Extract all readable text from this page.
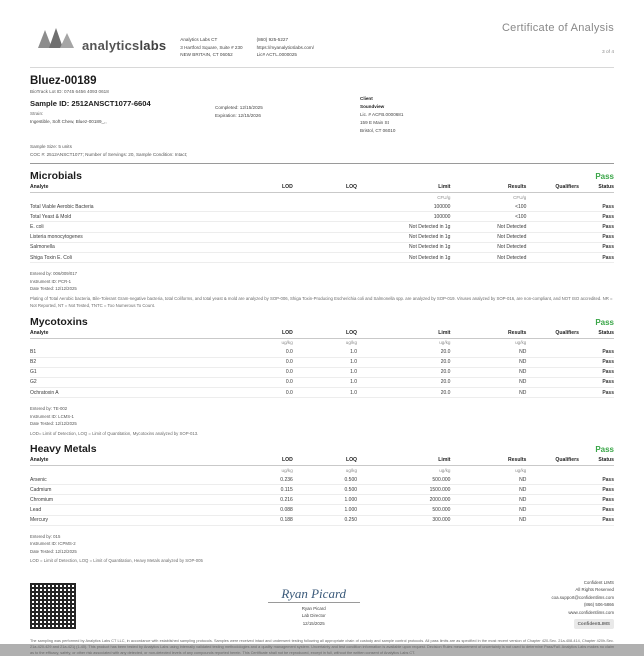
analyticslabs	Analytics Labs CT
3 Hartford Square, Suite # 230
NEW BRITAIN, CT 06052
(860) 925-5227
https://myanalyticslabs.com/
Lic# ACTL.0000025
Certificate of Analysis
3 of 4
Bluez-00189
BioTrack Lot ID: 0745 6456 4093 0618
Sample ID: 2512ANSCT1077-6604
Strain:
Ingestible, Soft Chew, Bluez-00189_,,
Completed: 12/15/2025
Expiration: 12/15/2026
Client
Soundview
Lic. # ACFB.0000681
159 E Main St
Bristol, CT 06010
Sample Size: 5 units
COC #: 2512ANSCT1077; Number of Servings: 20, Sample Condition: Intact;
Microbials	Pass
Analyte	LOD	LOQ	Limit	Results	Qualifiers	Status
			CFU/g	CFU/g		
Total Viable Aerobic Bacteria			100000	<100		Pass
Total Yeast & Mold			100000	<100		Pass
E. coli			Not Detected in 1g	Not Detected		Pass
Listeria monocytogenes			Not Detected in 1g	Not Detected		Pass
Salmonella			Not Detected in 1g	Not Detected		Pass
Shiga Toxin E. Coli			Not Detected in 1g	Not Detected		Pass
Entered by: 006/009/017
Instrument ID: PCR-1
Date Tested: 12/12/2025
Plating of Total Aerobic bacteria, Bile-Tolerant Gram-negative bacteria, total Coliforms, and total yeast & mold are analyzed by SOP-006, Shiga Toxin-Producing Escherichia coli and Salmonella spp. are analyzed by SOP-019. Viruses analyzed by SOP-016, are non-compliant, and NOT ISO accredited. NR = Not Reported, NT = Not Tested, TNTC = Too Numerous To Count.
Mycotoxins	Pass
Analyte	LOD	LOQ	Limit	Results	Qualifiers	Status
	ug/kg	ug/kg	ug/kg	ug/kg		
B1	0.0	1.0	20.0	ND		Pass
B2	0.0	1.0	20.0	ND		Pass
G1	0.0	1.0	20.0	ND		Pass
G2	0.0	1.0	20.0	ND		Pass
Ochratoxin A	0.0	1.0	20.0	ND		Pass
Entered by: TE-002
Instrument ID: LCMS-1
Date Tested: 12/12/2025
LOD= Limit of Detection, LOQ = Limit of Quantitation, Mycotoxins analyzed by SOP-013.
Heavy Metals	Pass
Analyte	LOD	LOQ	Limit	Results	Qualifiers	Status
	ug/kg	ug/kg	ug/kg	ug/kg		
Arsenic	0.236	0.500	500.000	ND		Pass
Cadmium	0.115	0.500	1500.000	ND		Pass
Chromium	0.216	1.000	2000.000	ND		Pass
Lead	0.088	1.000	500.000	ND		Pass
Mercury	0.188	0.250	300.000	ND		Pass
Entered by: 015
Instrument ID: ICPMS-2
Date Tested: 12/12/2025
LOD = Limit of Detection, LOQ = Limit of Quantitation, Heavy Metals analyzed by SOP-005
Ryan Picard
Ryan Picard
Lab Director
12/15/2025
Confident LIMS
All Rights Reserved
coa.support@confidentlims.com
(866) 506-5866
www.confidentlims.com
ConfidentLIMS
The sampling was performed by Analytics Labs CT LLC, in accordance with established sampling protocols. Samples were received intact and underwent testing following all appropriate chain of custody and sample control protocols. All pass limits are as specified in the most recent version of Chapter 420-Sec. 21a-408-414, Chapter 420h-Sec. 21a-420-429 and 21a-421j (1-40). This product has been tested by Analytics Labs using internally validated testing methodologies and a quality management system. Uncertainty and test condition information is available upon request. Decision Rules measurement of uncertainty is not used to determine Pass/Fail. Analytics Labs makes no claim as to the efficacy, safety, or other risk associated with any detected, or non-detected levels of any compounds reported herein. This Certificate shall not be reproduced, except in full, without the written consent of Analytics Labs CT.
